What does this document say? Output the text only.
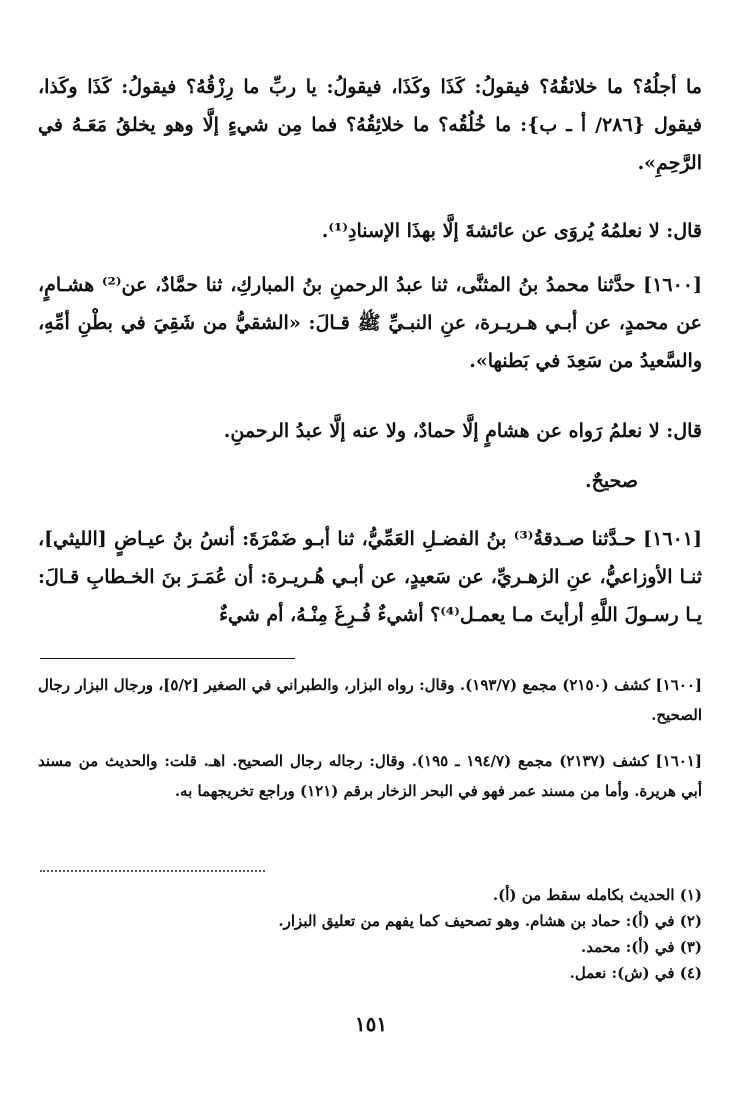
ما أجلُهُ؟ ما خلائقُهُ؟ فيقولُ: كَذَا وكَذَا، فيقولُ: يا ربِّ ما رِزْقُهُ؟ فيقولُ: كَذَا وكَذا، فيقول {٢٨٦/ أ ـ ب}: ما خُلُقُه؟ ما خلائِقُهُ؟ فما مِن شيءٍ إلَّا وهو يخلقُ مَعَـهُ في الرَّحِمِ».

قال: لا نعلمُهُ يُروَى عن عائشةَ إلَّا بهذَا الإسنادِ⁽¹⁾.

[١٦٠٠] حدَّثنا محمدُ بنُ المثنَّى، ثنا عبدُ الرحمنِ بنُ المباركِ، ثنا حمَّادٌ، عن⁽²⁾ هشـامٍ، عن محمدٍ، عن أبـي هـريـرة، عنِ النبـيِّ ﷺ قـالَ: «الشقيُّ من شَقِيَ في بطْنِ أمِّهِ، والسَّعيدُ من سَعِدَ في بَطنها».

قال: لا نعلمُ رَواه عن هشامٍ إلَّا حمادٌ، ولا عنه إلَّا عبدُ الرحمنِ.

صحيحٌ.

[١٦٠١] حـدَّثنا صـدقةُ⁽³⁾ بنُ الفضـلِ العَمِّيُّ، ثنا أبـو ضَمْرَةَ: أنسُ بنُ عيـاضٍ [الليثي]، ثنـا الأوزاعيُّ، عنِ الزهـريِّ، عن سَعيدٍ، عن أبـي هُـريـرة: أن عُمَـرَ بنَ الخـطابِ قـالَ: يـا رسـولَ اللَّهِ أرأيتَ مـا يعمـل⁽⁴⁾؟ أشيءٌ فُـرِغَ مِنْـهُ، أم شيءٌ

[١٦٠٠] كشف (٢١٥٠) مجمع (١٩٣/٧). وقال: رواه البزار، والطبراني في الصغير [٥/٢]، ورجال البزار رجال الصحيح.

[١٦٠١] كشف (٢١٣٧) مجمع (١٩٤/٧ ـ ١٩٥). وقال: رجاله رجال الصحيح. اهـ. قلت: والحديث من مسند أبي هريرة. وأما من مسند عمر فهو في البحر الزخار برقم (١٢١) وراجع تخريجهما به.

(١) الحديث بكامله سقط من (أ).
(٢) في (أ): حماد بن هشام. وهو تصحيف كما يفهم من تعليق البزار.
(٣) في (أ): محمد.
(٤) في (ش): نعمل.
١٥١
